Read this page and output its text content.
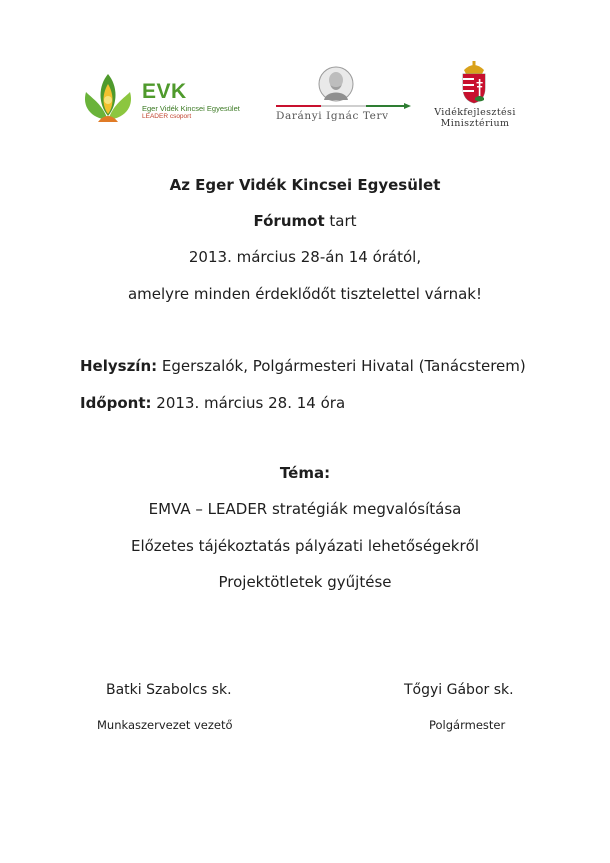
EVK
Eger Vidék Kincsei Egyesület
LEADER csoport	Darányi Ignác Terv	Vidékfejlesztési
Minisztérium
Az Eger Vidék Kincsei Egyesület
Fórumot tart
2013. március 28-án 14 órától,
amelyre minden érdeklődőt tisztelettel várnak!
Helyszín: Egerszalók, Polgármesteri Hivatal (Tanácsterem)
Időpont: 2013. március 28. 14 óra
Téma:
EMVA – LEADER stratégiák megvalósítása
Előzetes tájékoztatás pályázati lehetőségekről
Projektötletek gyűjtése
Batki Szabolcs sk.
Munkaszervezet vezető
Tőgyi Gábor sk.
Polgármester
